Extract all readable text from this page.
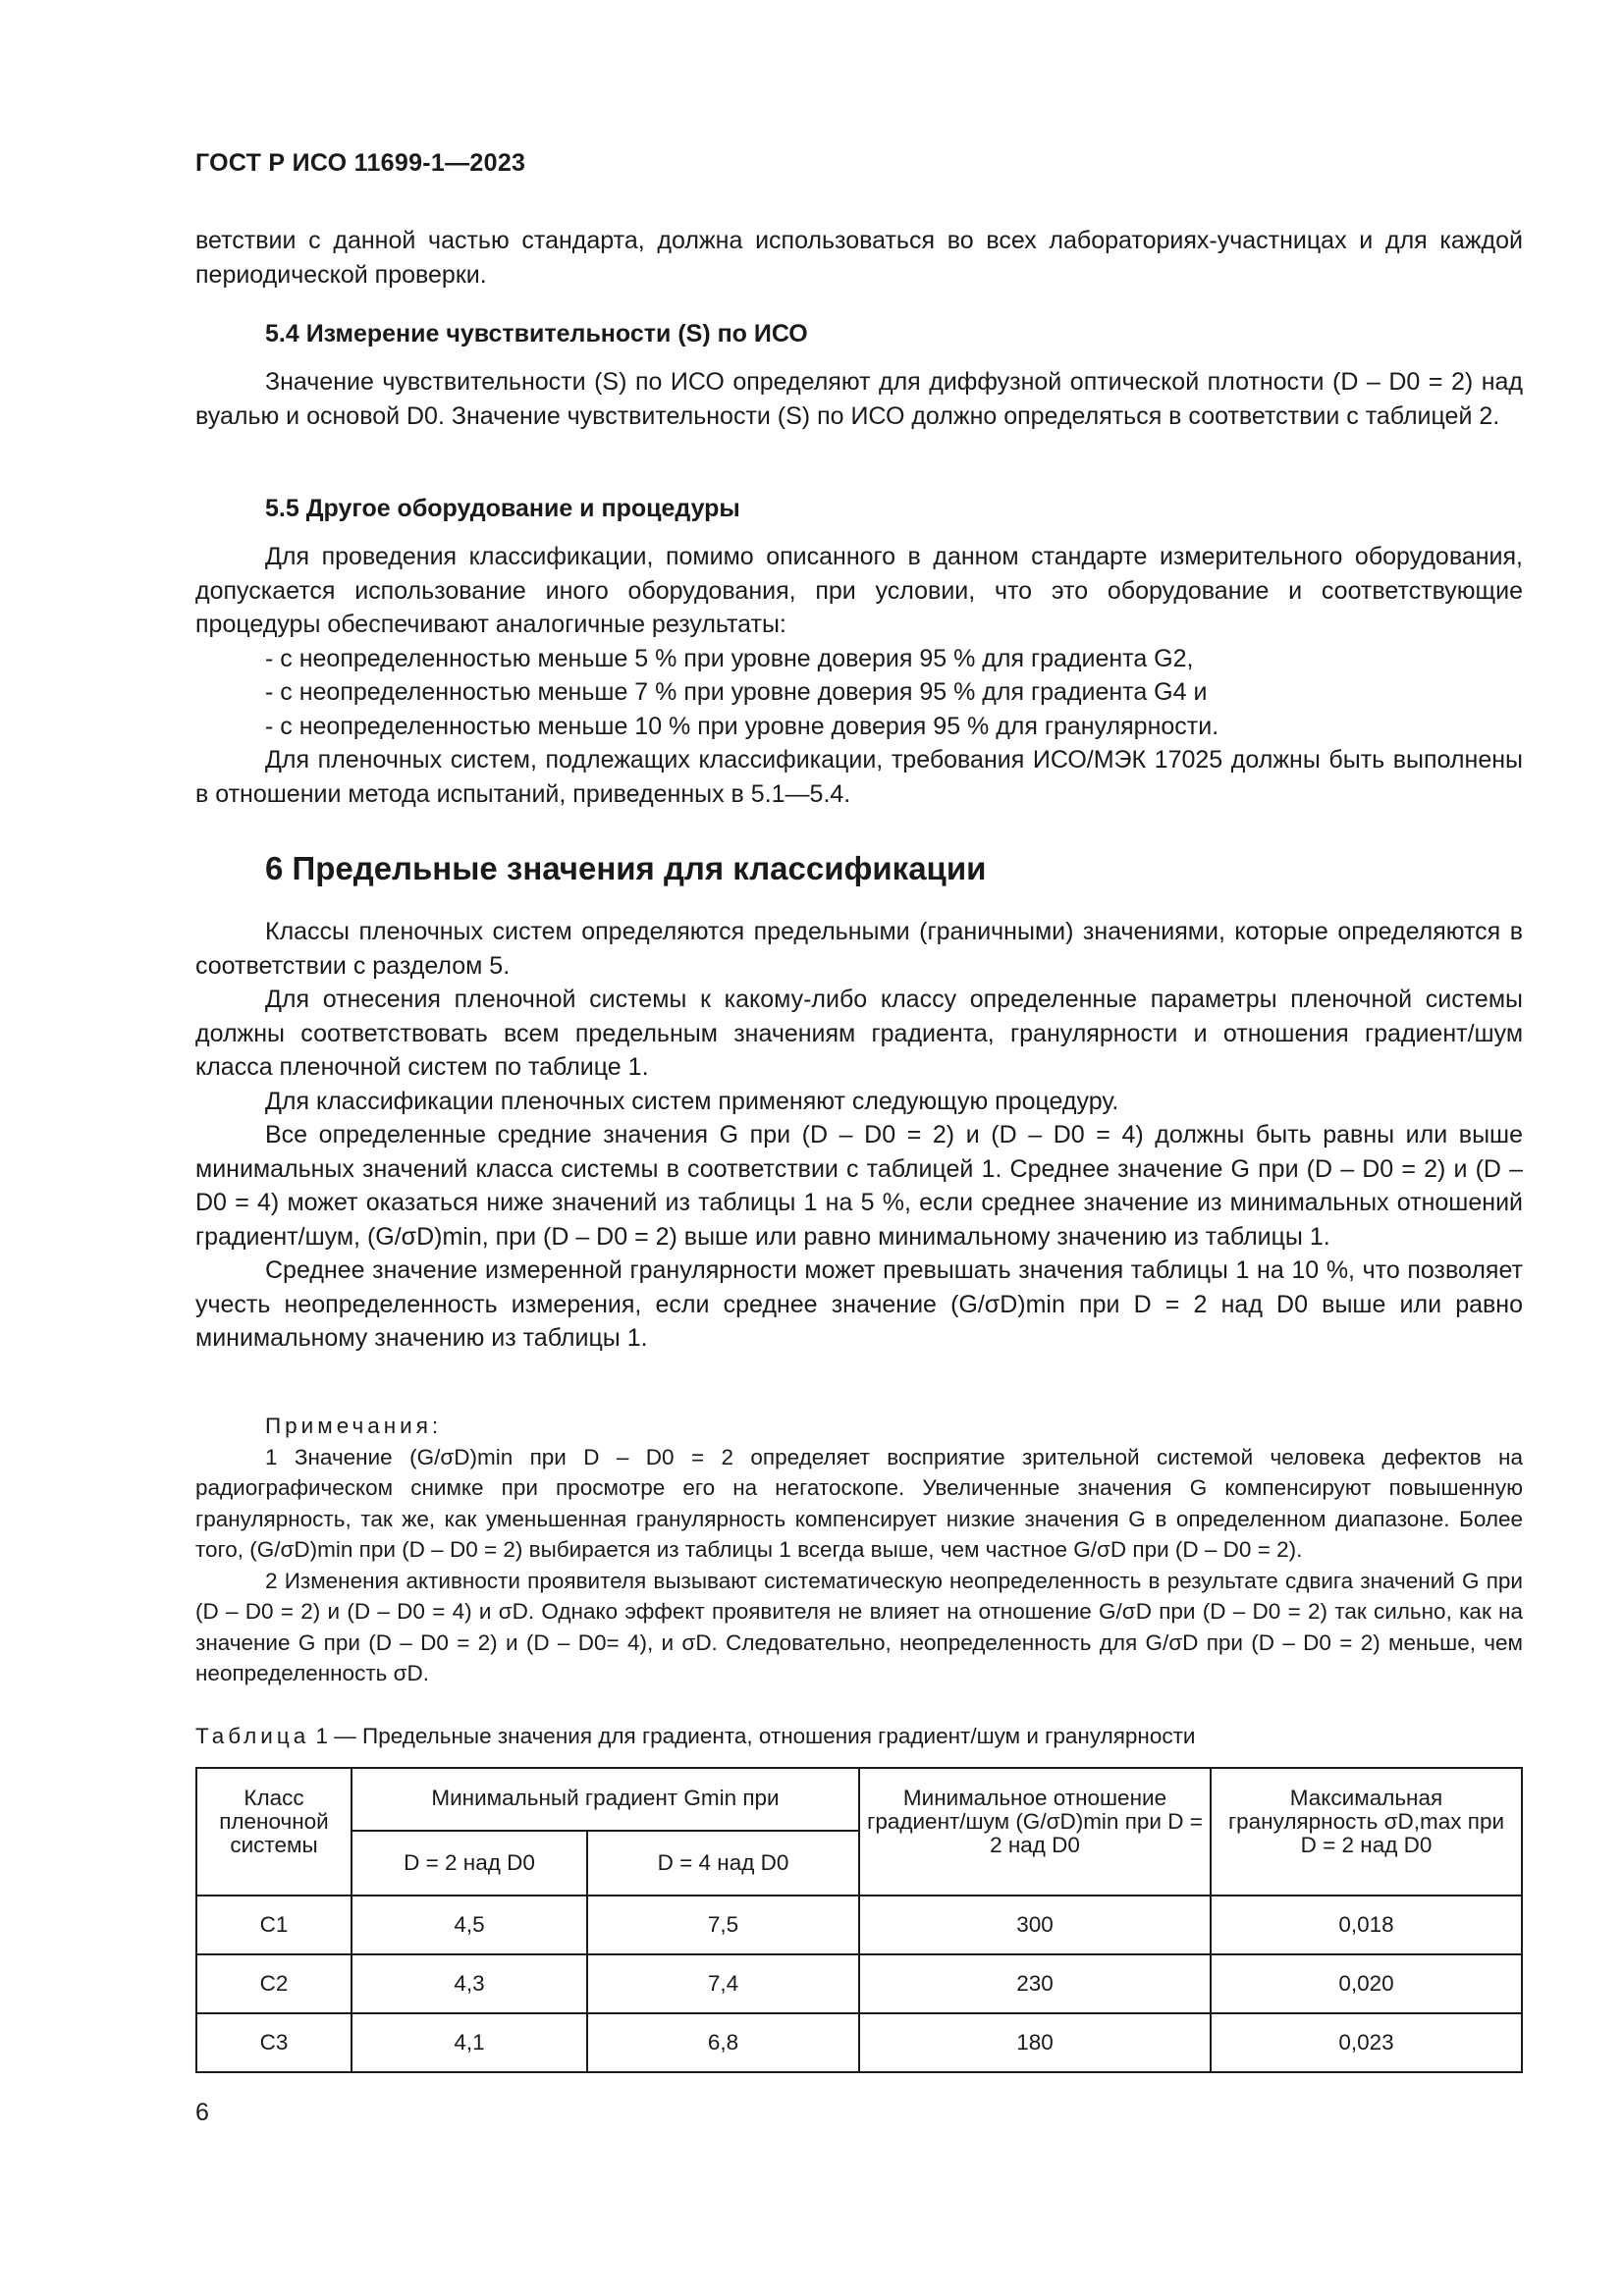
ГОСТ Р ИСО 11699-1—2023

ветствии с данной частью стандарта, должна использоваться во всех лабораториях-участницах и для каждой периодической проверки.

5.4 Измерение чувствительности (S) по ИСО

Значение чувствительности (S) по ИСО определяют для диффузной оптической плотности (D – D0 = 2) над вуалью и основой D0. Значение чувствительности (S) по ИСО должно определяться в соответствии с таблицей 2.

5.5 Другое оборудование и процедуры

Для проведения классификации, помимо описанного в данном стандарте измерительного оборудования, допускается использование иного оборудования, при условии, что это оборудование и соответствующие процедуры обеспечивают аналогичные результаты:

- с неопределенностью меньше 5 % при уровне доверия 95 % для градиента G2,

- с неопределенностью меньше 7 % при уровне доверия 95 % для градиента G4 и

- с неопределенностью меньше 10 % при уровне доверия 95 % для гранулярности.

Для пленочных систем, подлежащих классификации, требования ИСО/МЭК 17025 должны быть выполнены в отношении метода испытаний, приведенных в 5.1—5.4.

6 Предельные значения для классификации

Классы пленочных систем определяются предельными (граничными) значениями, которые определяются в соответствии с разделом 5.

Для отнесения пленочной системы к какому-либо классу определенные параметры пленочной системы должны соответствовать всем предельным значениям градиента, гранулярности и отношения градиент/шум класса пленочной систем по таблице 1.

Для классификации пленочных систем применяют следующую процедуру.

Все определенные средние значения G при (D – D0 = 2) и (D – D0 = 4) должны быть равны или выше минимальных значений класса системы в соответствии с таблицей 1. Среднее значение G при (D – D0 = 2) и (D – D0 = 4) может оказаться ниже значений из таблицы 1 на 5 %, если среднее значение из минимальных отношений градиент/шум, (G/σD)min, при (D – D0 = 2) выше или равно минимальному значению из таблицы 1.

Среднее значение измеренной гранулярности может превышать значения таблицы 1 на 10 %, что позволяет учесть неопределенность измерения, если среднее значение (G/σD)min при D = 2 над D0 выше или равно минимальному значению из таблицы 1.

Примечания:

1 Значение (G/σD)min при D – D0 = 2 определяет восприятие зрительной системой человека дефектов на радиографическом снимке при просмотре его на негатоскопе. Увеличенные значения G компенсируют повышенную гранулярность, так же, как уменьшенная гранулярность компенсирует низкие значения G в определенном диапазоне. Более того, (G/σD)min при (D – D0 = 2) выбирается из таблицы 1 всегда выше, чем частное G/σD при (D – D0 = 2).

2 Изменения активности проявителя вызывают систематическую неопределенность в результате сдвига значений G при (D – D0 = 2) и (D – D0 = 4) и σD. Однако эффект проявителя не влияет на отношение G/σD при (D – D0 = 2) так сильно, как на значение G при (D – D0 = 2) и (D – D0= 4), и σD. Следовательно, неопределенность для G/σD при (D – D0 = 2) меньше, чем неопределенность σD.

Таблица 1 — Предельные значения для градиента, отношения градиент/шум и гранулярности
Класс пленочной системы	Минимальный градиент Gmin при		Минимальное отношение градиент/шум (G/σD)min при D = 2 над D0	Максимальная гранулярность σD,max при D = 2 над D0
	D = 2 над D0	D = 4 над D0		
C1	4,5	7,5	300	0,018
C2	4,3	7,4	230	0,020
C3	4,1	6,8	180	0,023
6
